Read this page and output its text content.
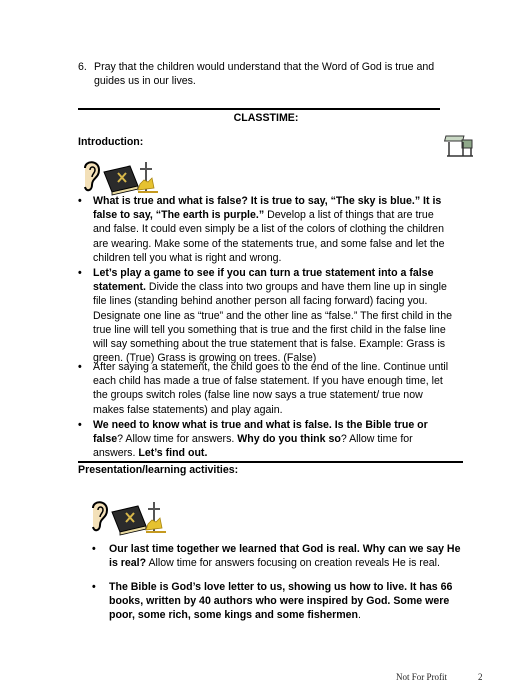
6. Pray that the children would understand that the Word of God is true and guides us in our lives.
CLASSTIME:
Introduction:
• What is true and what is false? It is true to say, “The sky is blue.” It is false to say, “The earth is purple.” Develop a list of things that are true and false. It could even simply be a list of the colors of clothing the children are wearing. Make some of the statements true, and some false and let the children tell you what is right and wrong.
• Let’s play a game to see if you can turn a true statement into a false statement. Divide the class into two groups and have them line up in single file lines (standing behind another person all facing forward) facing you. Designate one line as “true” and the other line as “false.” The first child in the true line will tell you something that is true and the first child in the false line will say something about the true statement that is false. Example: Grass is green. (True) Grass is growing on trees. (False)
• After saying a statement, the child goes to the end of the line. Continue until each child has made a true of false statement. If you have enough time, let the groups switch roles (false line now says a true statement/ true now makes false statements) and play again.
• We need to know what is true and what is false. Is the Bible true or false? Allow time for answers. Why do you think so? Allow time for answers. Let’s find out.
Presentation/learning activities:
• Our last time together we learned that God is real. Why can we say He is real? Allow time for answers focusing on creation reveals He is real.
• The Bible is God’s love letter to us, showing us how to live. It has 66 books, written by 40 authors who were inspired by God. Some were poor, some rich, some kings and some fishermen.
Not For Profit	2
